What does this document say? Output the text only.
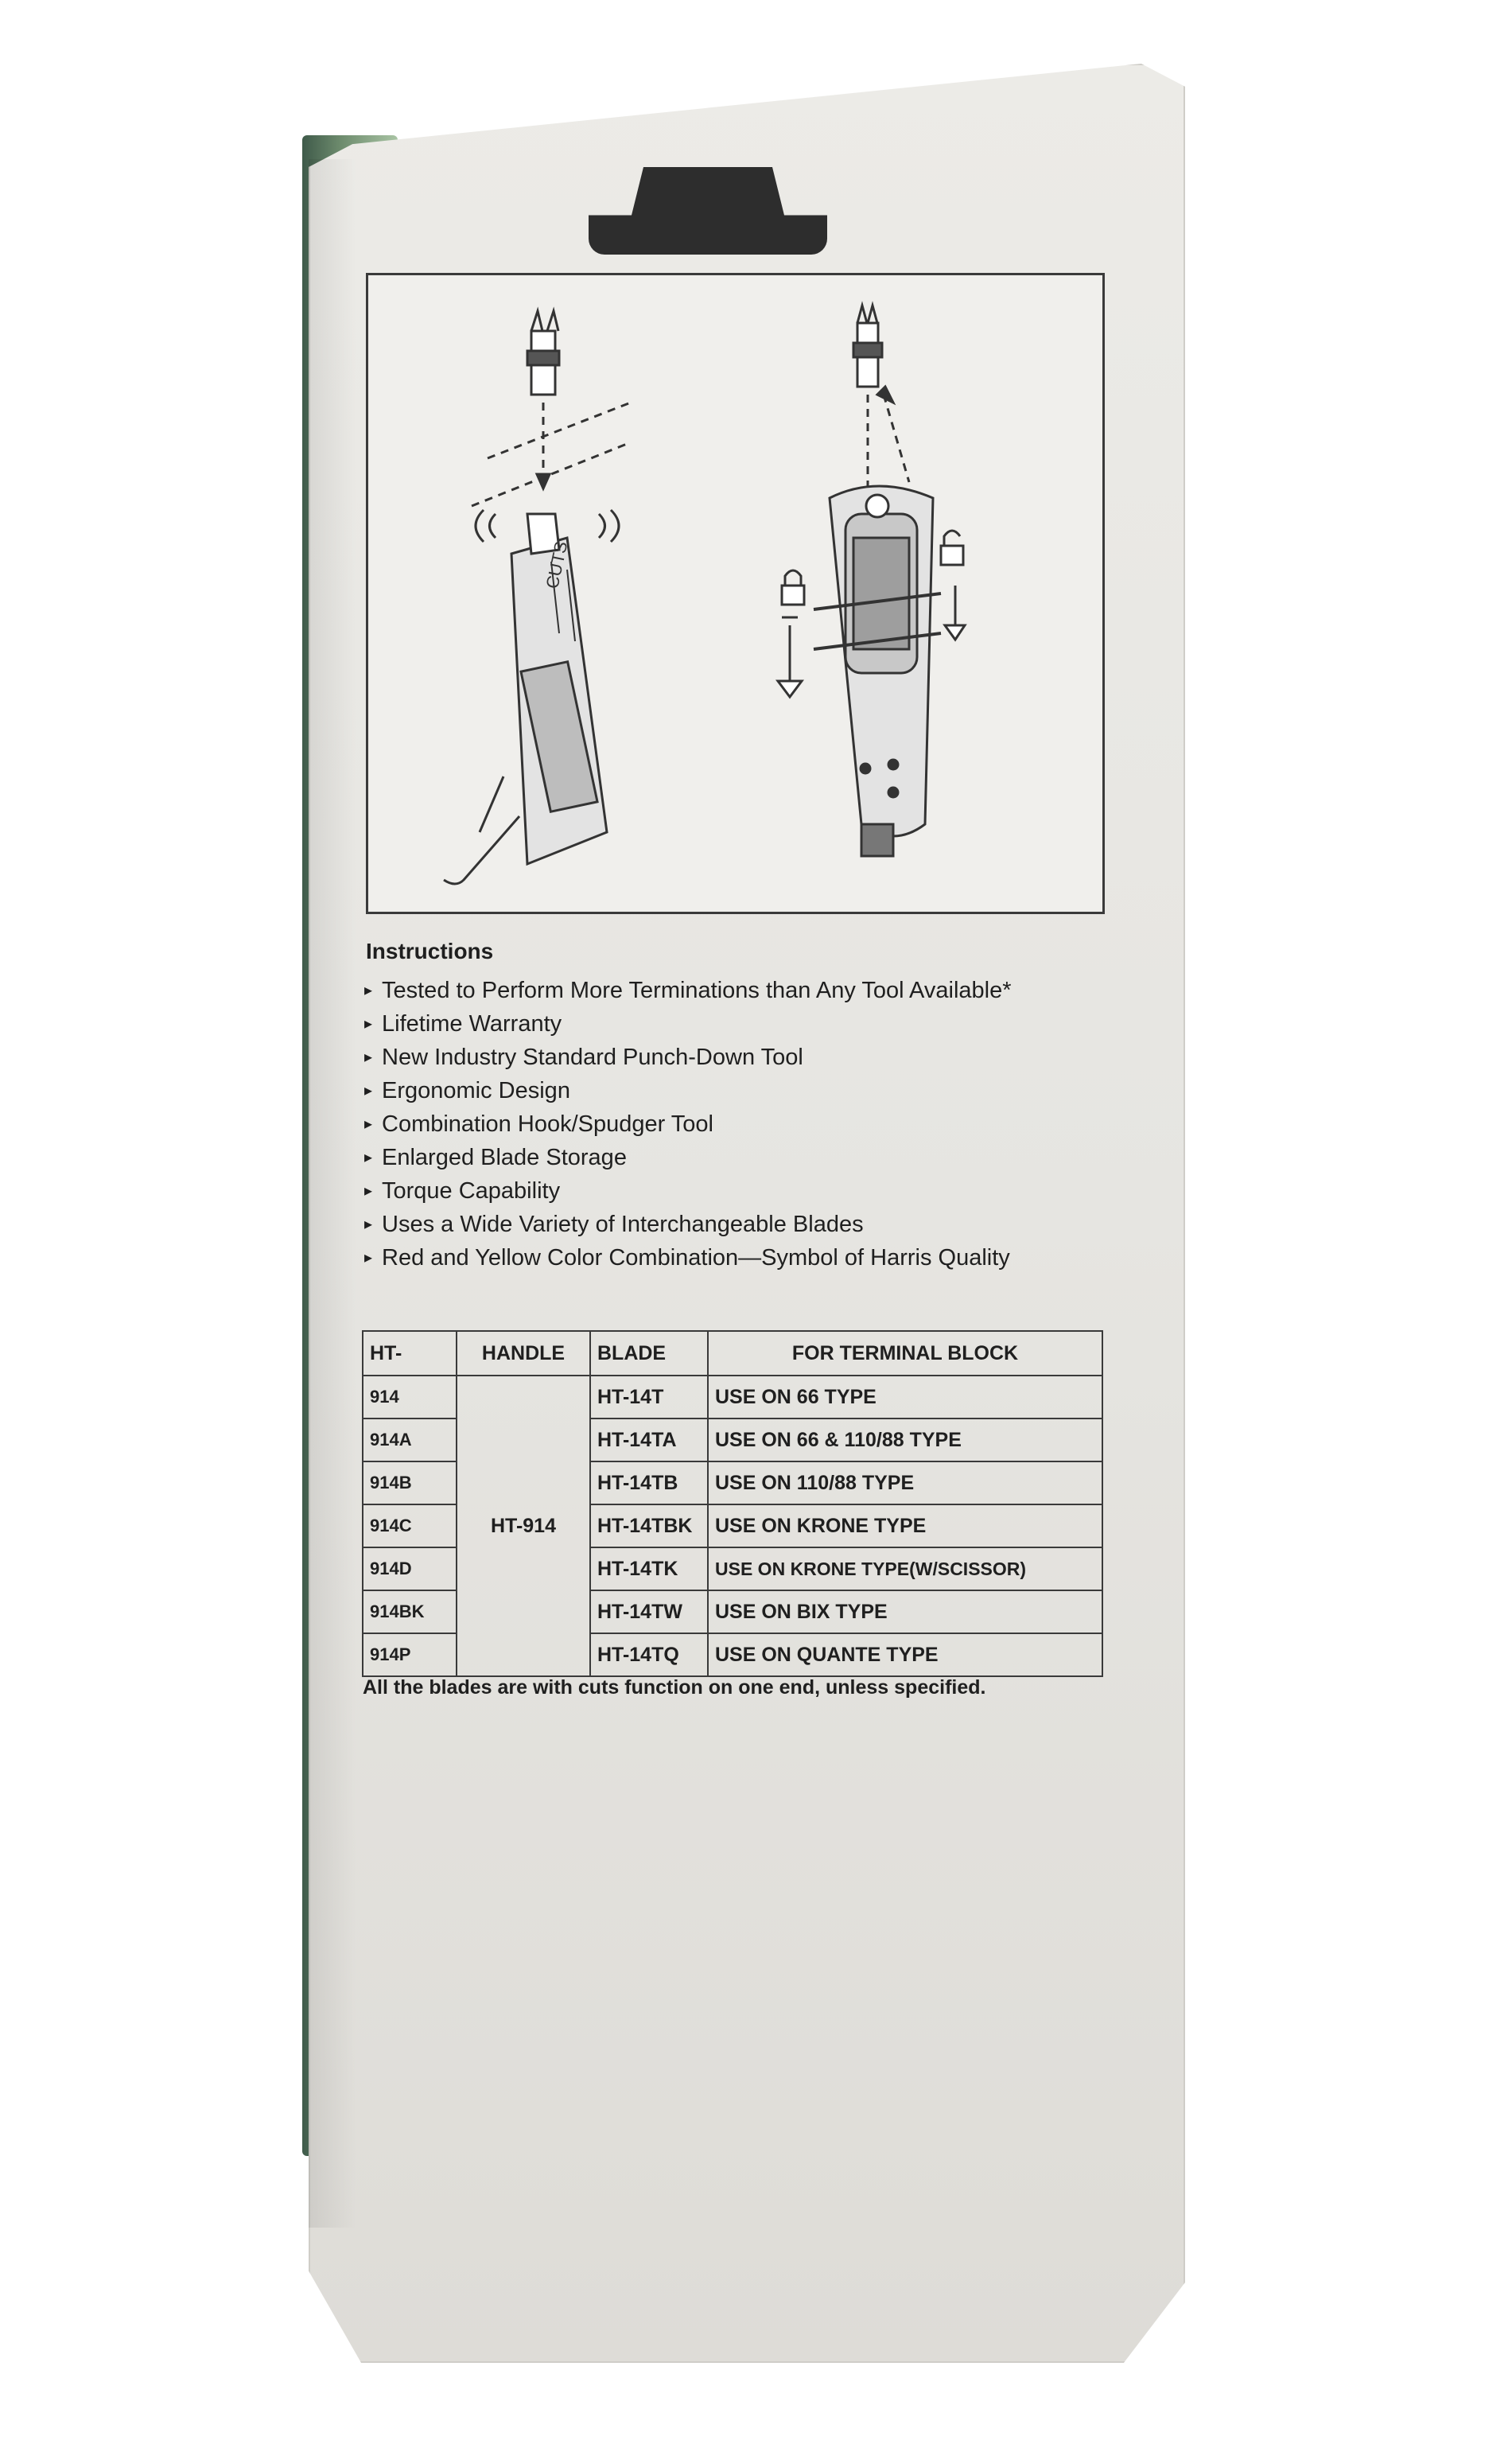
CUTS
Instructions
▸ Tested to Perform More Terminations than Any Tool Available*
▸ Lifetime Warranty
▸ New Industry Standard Punch-Down Tool
▸ Ergonomic Design
▸ Combination Hook/Spudger Tool
▸ Enlarged Blade Storage
▸ Torque Capability
▸ Uses a Wide Variety of Interchangeable Blades
▸ Red and Yellow Color Combination—Symbol of Harris Quality
HT-	HANDLE	BLADE	FOR TERMINAL BLOCK
914	HT-914	HT-14T	USE ON 66 TYPE
914A		HT-14TA	USE ON 66 & 110/88 TYPE
914B		HT-14TB	USE ON 110/88 TYPE
914C		HT-14TBK	USE ON KRONE TYPE
914D		HT-14TK	USE ON KRONE TYPE(W/SCISSOR)
914BK		HT-14TW	USE ON BIX TYPE
914P		HT-14TQ	USE ON QUANTE TYPE
All the blades are with cuts function on one end, unless specified.
